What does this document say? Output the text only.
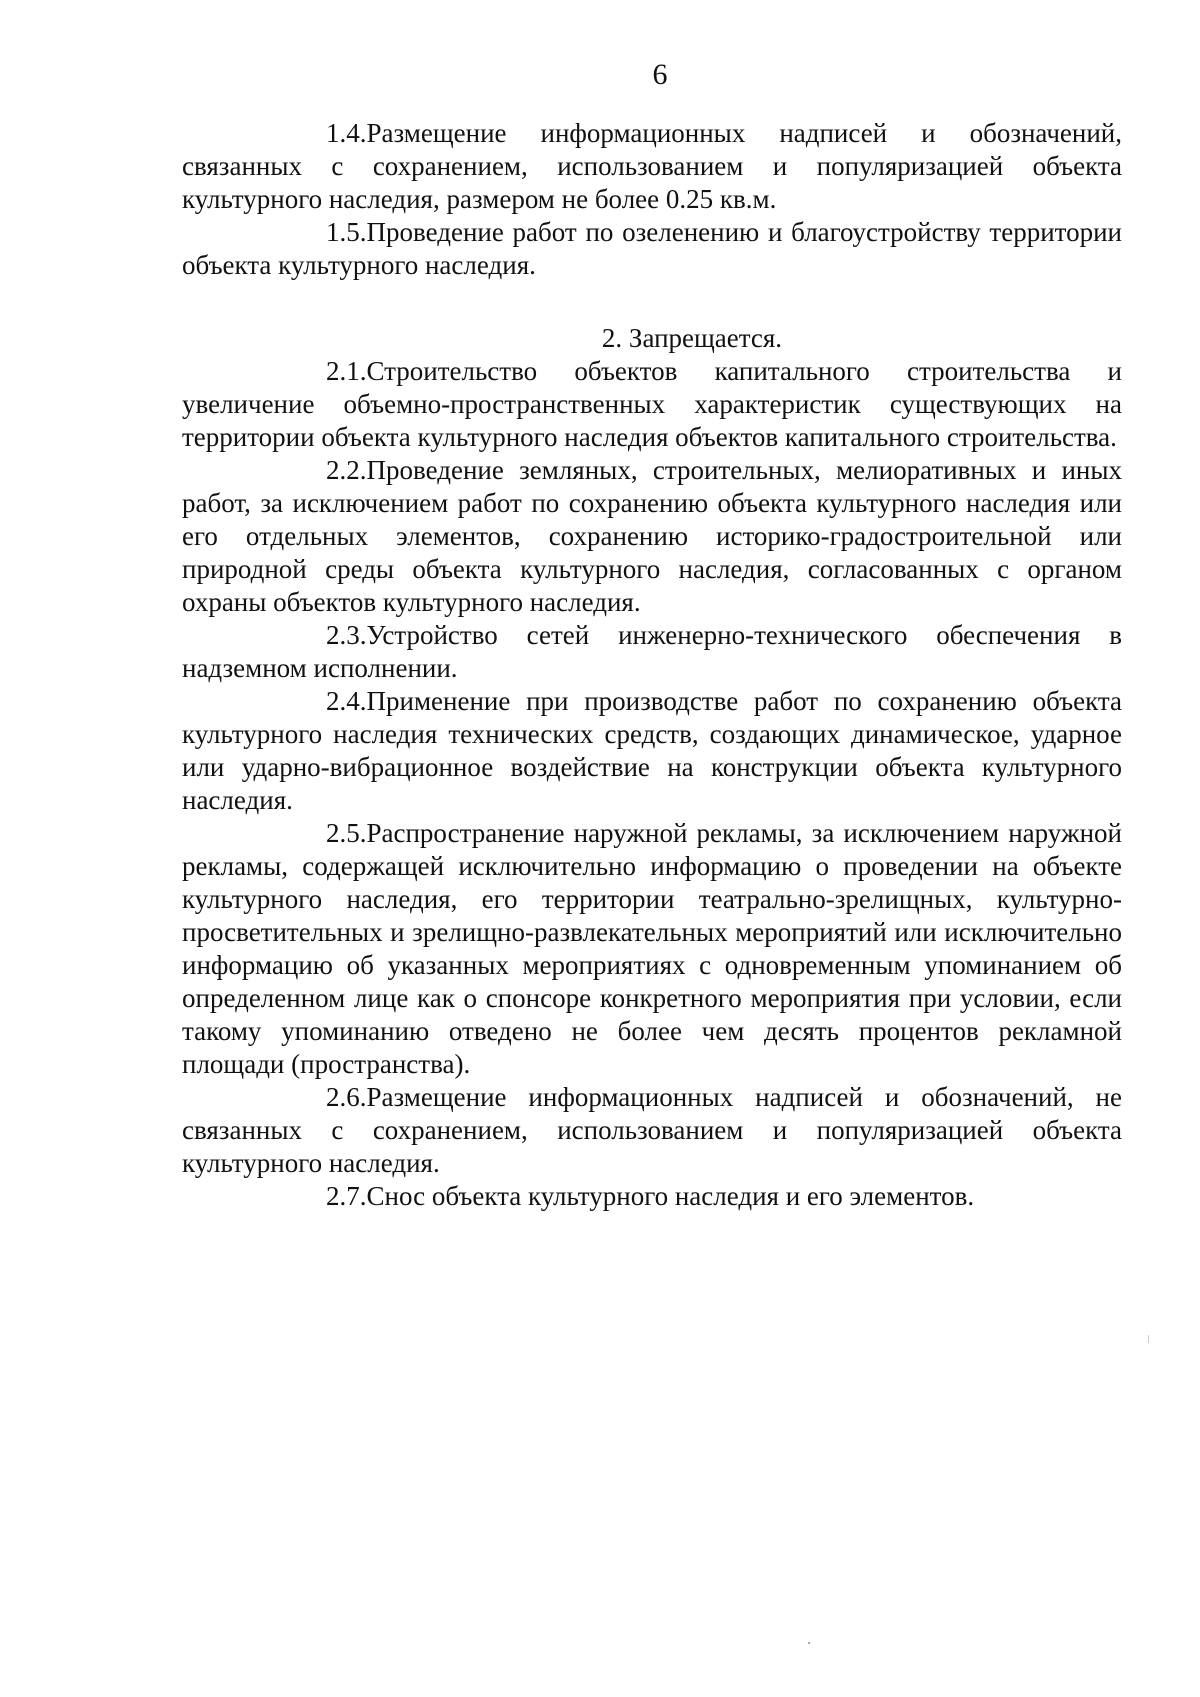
6

1.4.Размещение информационных надписей и обозначений, связанных с сохранением, использованием и популяризацией объекта культурного наследия, размером не более 0.25 кв.м.

1.5.Проведение работ по озеленению и благоустройству территории объекта культурного наследия.

2. Запрещается.

2.1.Строительство объектов капитального строительства и увеличение объемно-пространственных характеристик существующих на территории объекта культурного наследия объектов капитального строительства.

2.2.Проведение земляных, строительных, мелиоративных и иных работ, за исключением работ по сохранению объекта культурного наследия или его отдельных элементов, сохранению историко-градостроительной или природной среды объекта культурного наследия, согласованных с органом охраны объектов культурного наследия.

2.3.Устройство сетей инженерно-технического обеспечения в надземном исполнении.

2.4.Применение при производстве работ по сохранению объекта культурного наследия технических средств, создающих динамическое, ударное или ударно-вибрационное воздействие на конструкции объекта культурного наследия.

2.5.Распространение наружной рекламы, за исключением наружной рекламы, содержащей исключительно информацию о проведении на объекте культурного наследия, его территории театрально-зрелищных, культурно-просветительных и зрелищно-развлекательных мероприятий или исключительно информацию об указанных мероприятиях с одновременным упоминанием об определенном лице как о спонсоре конкретного мероприятия при условии, если такому упоминанию отведено не более чем десять процентов рекламной площади (пространства).

2.6.Размещение информационных надписей и обозначений, не связанных с сохранением, использованием и популяризацией объекта культурного наследия.

2.7.Снос объекта культурного наследия и его элементов.
